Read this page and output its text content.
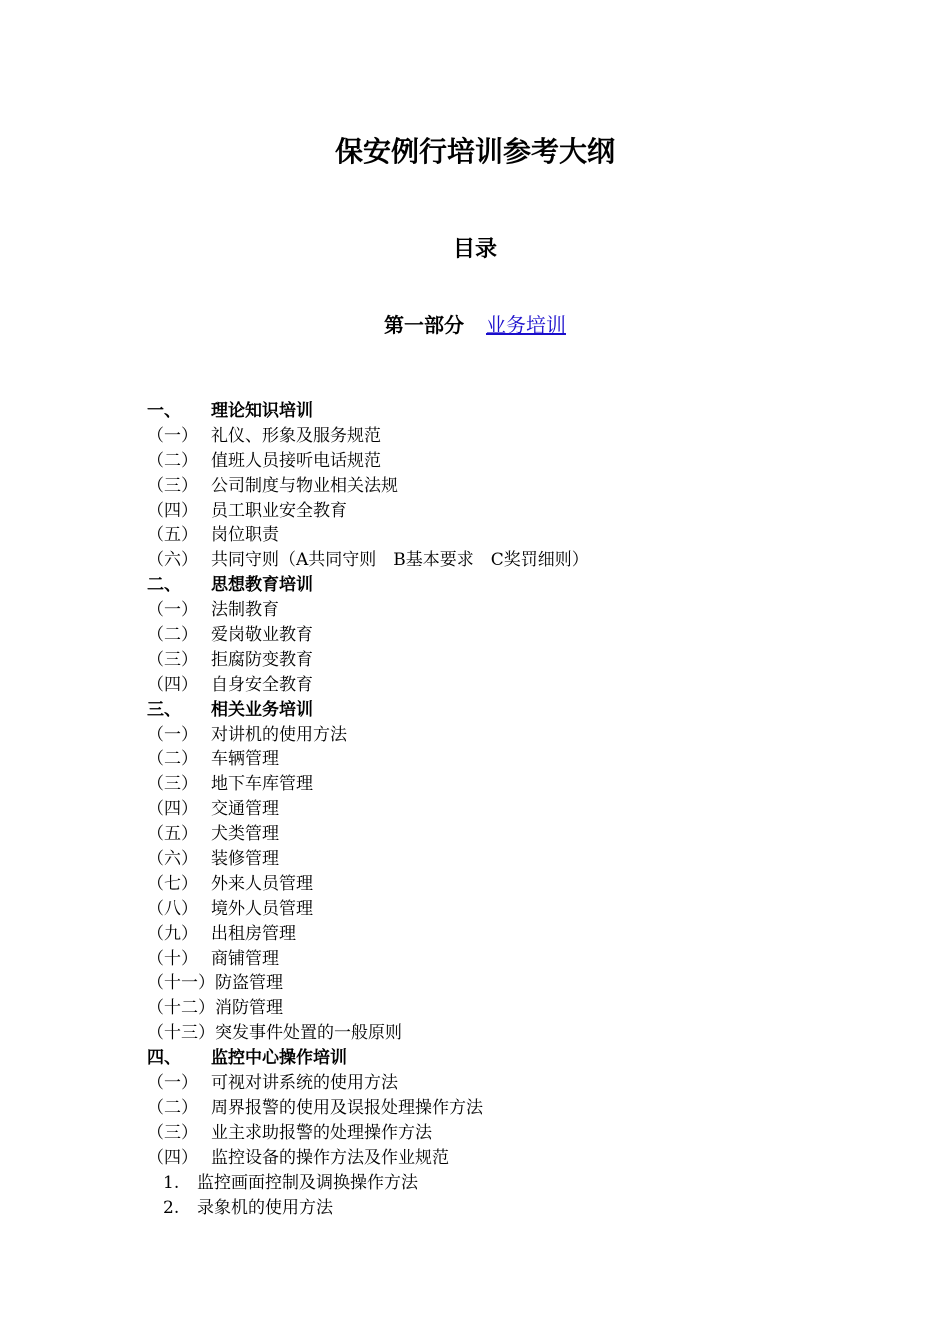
保安例行培训参考大纲
目录
第一部分 业务培训
一、 理论知识培训
（一） 礼仪、形象及服务规范
（二） 值班人员接听电话规范
（三） 公司制度与物业相关法规
（四） 员工职业安全教育
（五） 岗位职责
（六） 共同守则（A共同守则　B基本要求　C奖罚细则）
二、 思想教育培训
（一） 法制教育
（二） 爱岗敬业教育
（三） 拒腐防变教育
（四） 自身安全教育
三、 相关业务培训
（一） 对讲机的使用方法
（二） 车辆管理
（三） 地下车库管理
（四） 交通管理
（五） 犬类管理
（六） 装修管理
（七） 外来人员管理
（八） 境外人员管理
（九） 出租房管理
（十） 商铺管理
（十一）防盗管理
（十二）消防管理
（十三）突发事件处置的一般原则
四、 监控中心操作培训
（一） 可视对讲系统的使用方法
（二） 周界报警的使用及误报处理操作方法
（三） 业主求助报警的处理操作方法
（四） 监控设备的操作方法及作业规范
1. 监控画面控制及调换操作方法
2. 录象机的使用方法
